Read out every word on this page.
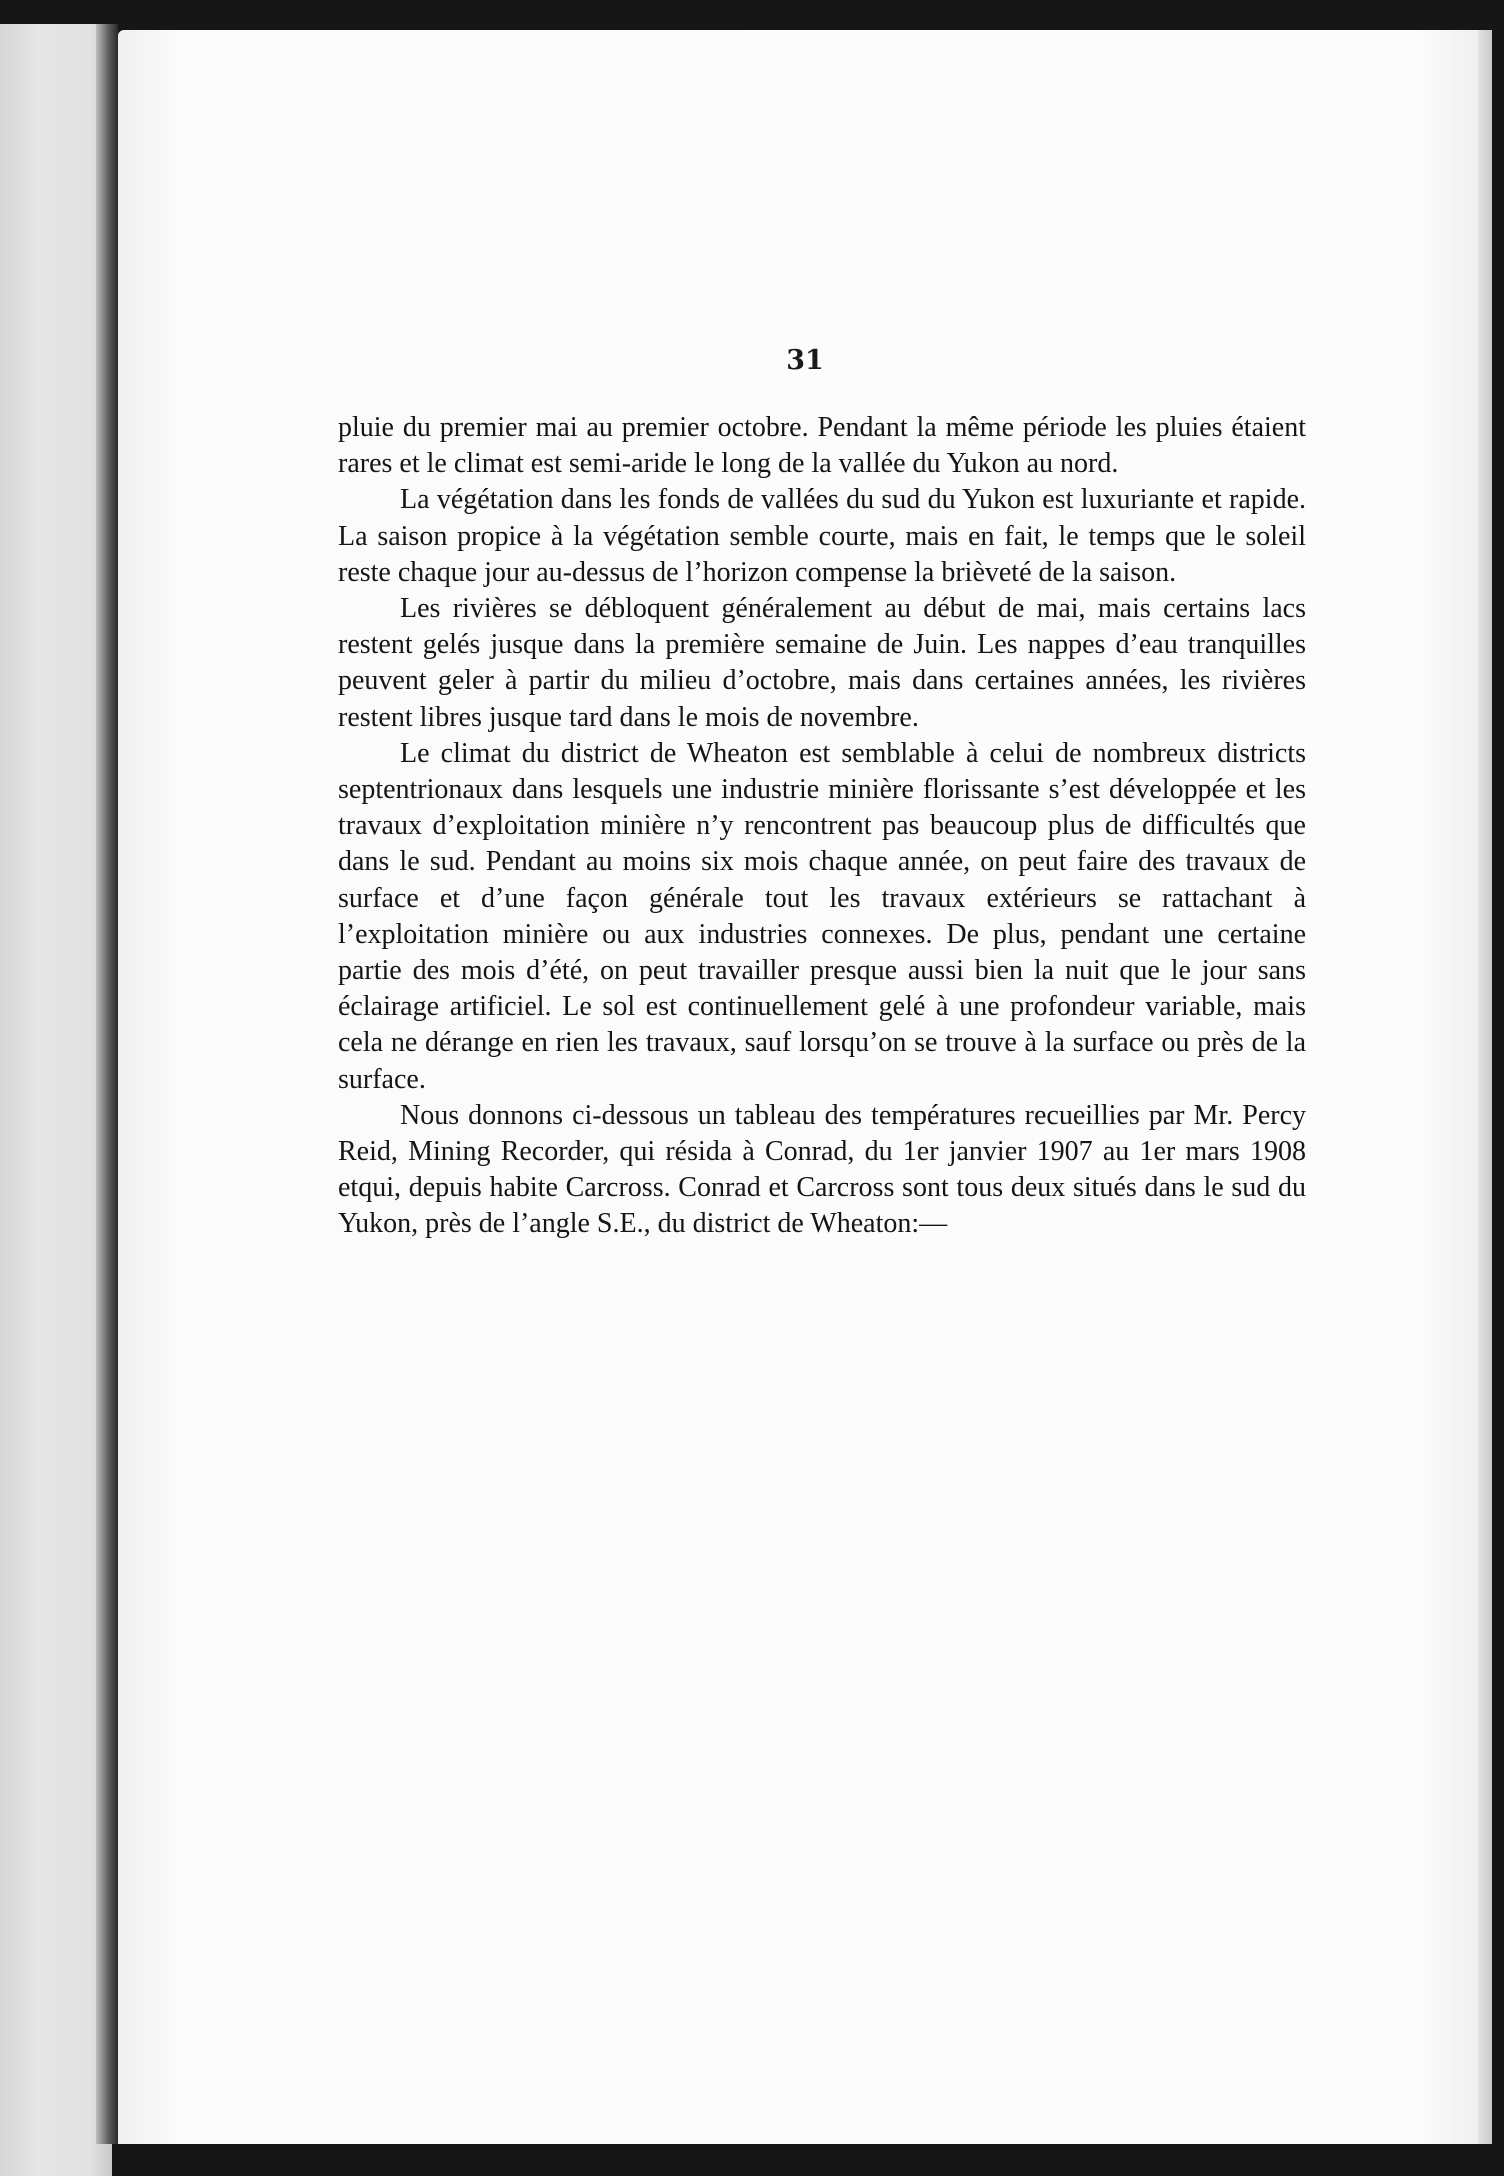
31

pluie du premier mai au premier octobre. Pendant la même période les pluies étaient rares et le climat est semi-aride le long de la vallée du Yukon au nord.

La végétation dans les fonds de vallées du sud du Yukon est luxuriante et rapide. La saison propice à la végétation semble courte, mais en fait, le temps que le soleil reste chaque jour au-dessus de l’horizon compense la brièveté de la saison.

Les rivières se débloquent généralement au début de mai, mais certains lacs restent gelés jusque dans la première semaine de Juin. Les nappes d’eau tranquilles peuvent geler à partir du milieu d’octobre, mais dans certaines années, les rivières restent libres jusque tard dans le mois de novembre.

Le climat du district de Wheaton est semblable à celui de nombreux districts septentrionaux dans lesquels une industrie minière florissante s’est développée et les travaux d’exploitation minière n’y rencontrent pas beaucoup plus de difficultés que dans le sud. Pendant au moins six mois chaque année, on peut faire des travaux de surface et d’une façon générale tout les travaux extérieurs se rattachant à l’exploitation minière ou aux industries connexes. De plus, pendant une certaine partie des mois d’été, on peut travailler presque aussi bien la nuit que le jour sans éclairage artificiel. Le sol est continuellement gelé à une profondeur variable, mais cela ne dérange en rien les travaux, sauf lorsqu’on se trouve à la surface ou près de la surface.

Nous donnons ci-dessous un tableau des températures recueillies par Mr. Percy Reid, Mining Recorder, qui résida à Conrad, du 1er janvier 1907 au 1er mars 1908 etqui, depuis habite Carcross. Conrad et Carcross sont tous deux situés dans le sud du Yukon, près de l’angle S.E., du district de Wheaton:—
